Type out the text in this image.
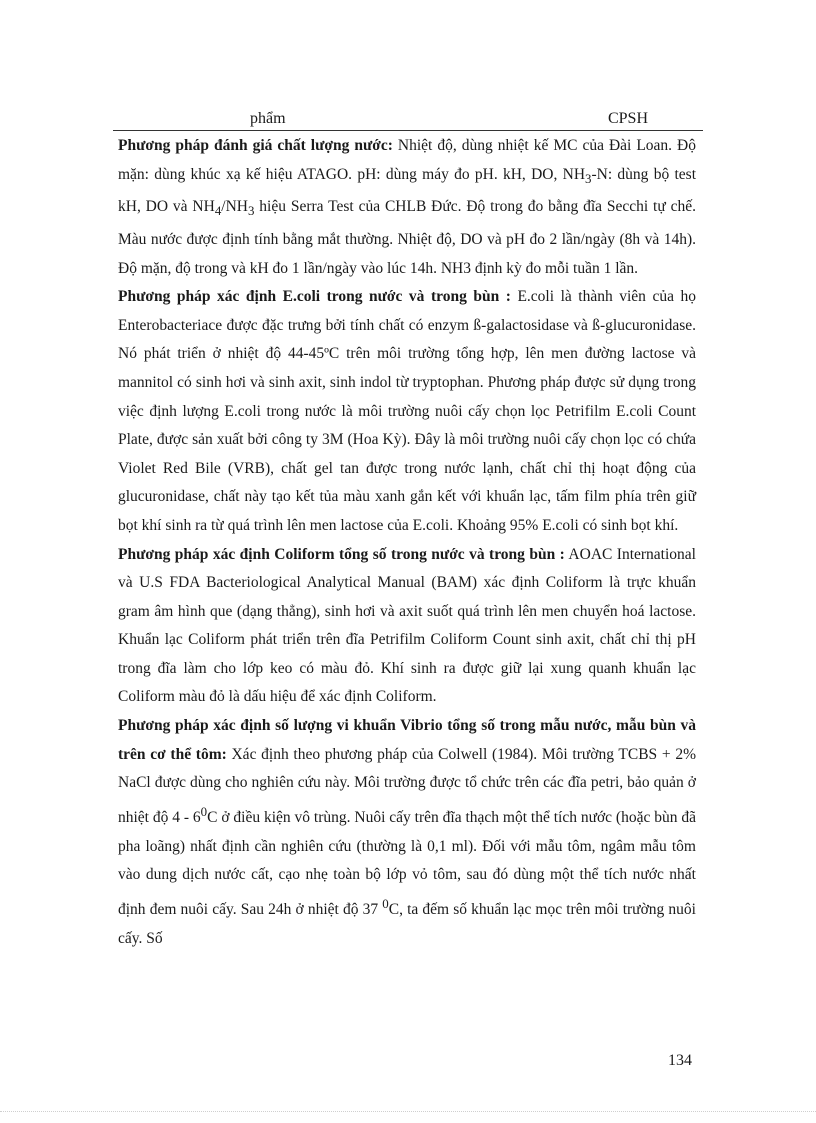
phẩm	CPSH

Phương pháp đánh giá chất lượng nước: Nhiệt độ, dùng nhiệt kế MC của Đài Loan. Độ mặn: dùng khúc xạ kế hiệu ATAGO. pH: dùng máy đo pH. kH, DO, $NH_3-N$: dùng bộ test kH, DO và $NH_4/NH_3$ hiệu Serra Test của CHLB Đức. Độ trong đo bằng đĩa Secchi tự chế. Màu nước được định tính bằng mắt thường. Nhiệt độ, DO và pH đo 2 lần/ngày (8h và 14h). Độ mặn, độ trong và kH đo 1 lần/ngày vào lúc 14h. NH3 định kỳ đo mỗi tuần 1 lần.

Phương pháp xác định E.coli trong nước và trong bùn : E.coli là thành viên của họ Enterobacteriace được đặc trưng bởi tính chất có enzym ß-galactosidase và ß-glucuronidase. Nó phát triển ở nhiệt độ 44-45ºC trên môi trường tổng hợp, lên men đường lactose và mannitol có sinh hơi và sinh axit, sinh indol từ tryptophan. Phương pháp được sử dụng trong việc định lượng E.coli trong nước là môi trường nuôi cấy chọn lọc Petrifilm E.coli Count Plate, được sản xuất bởi công ty 3M (Hoa Kỳ). Đây là môi trường nuôi cấy chọn lọc có chứa Violet Red Bile (VRB), chất gel tan được trong nước lạnh, chất chỉ thị hoạt động của glucuronidase, chất này tạo kết tủa màu xanh gắn kết với khuẩn lạc, tấm film phía trên giữ bọt khí sinh ra từ quá trình lên men lactose của E.coli. Khoảng 95% E.coli có sinh bọt khí.

Phương pháp xác định Coliform tổng số trong nước và trong bùn : AOAC International và U.S FDA Bacteriological Analytical Manual (BAM) xác định Coliform là trực khuẩn gram âm hình que (dạng thẳng), sinh hơi và axit suốt quá trình lên men chuyển hoá lactose. Khuẩn lạc Coliform phát triển trên đĩa Petrifilm Coliform Count sinh axit, chất chỉ thị pH trong đĩa làm cho lớp keo có màu đỏ. Khí sinh ra được giữ lại xung quanh khuẩn lạc Coliform màu đỏ là dấu hiệu để xác định Coliform.

Phương pháp xác định số lượng vi khuẩn Vibrio tổng số trong mẫu nước, mẫu bùn và trên cơ thể tôm: Xác định theo phương pháp của Colwell (1984). Môi trường TCBS + 2% NaCl được dùng cho nghiên cứu này. Môi trường được tổ chức trên các đĩa petri, bảo quản ở nhiệt độ $4 - 6^0C$ ở điều kiện vô trùng. Nuôi cấy trên đĩa thạch một thể tích nước (hoặc bùn đã pha loãng) nhất định cần nghiên cứu (thường là 0,1 ml). Đối với mẫu tôm, ngâm mẫu tôm vào dung dịch nước cất, cạo nhẹ toàn bộ lớp vỏ tôm, sau đó dùng một thể tích nước nhất định đem nuôi cấy. Sau 24h ở nhiệt độ 37 $^0$C, ta đếm số khuẩn lạc mọc trên môi trường nuôi cấy. Số

134
